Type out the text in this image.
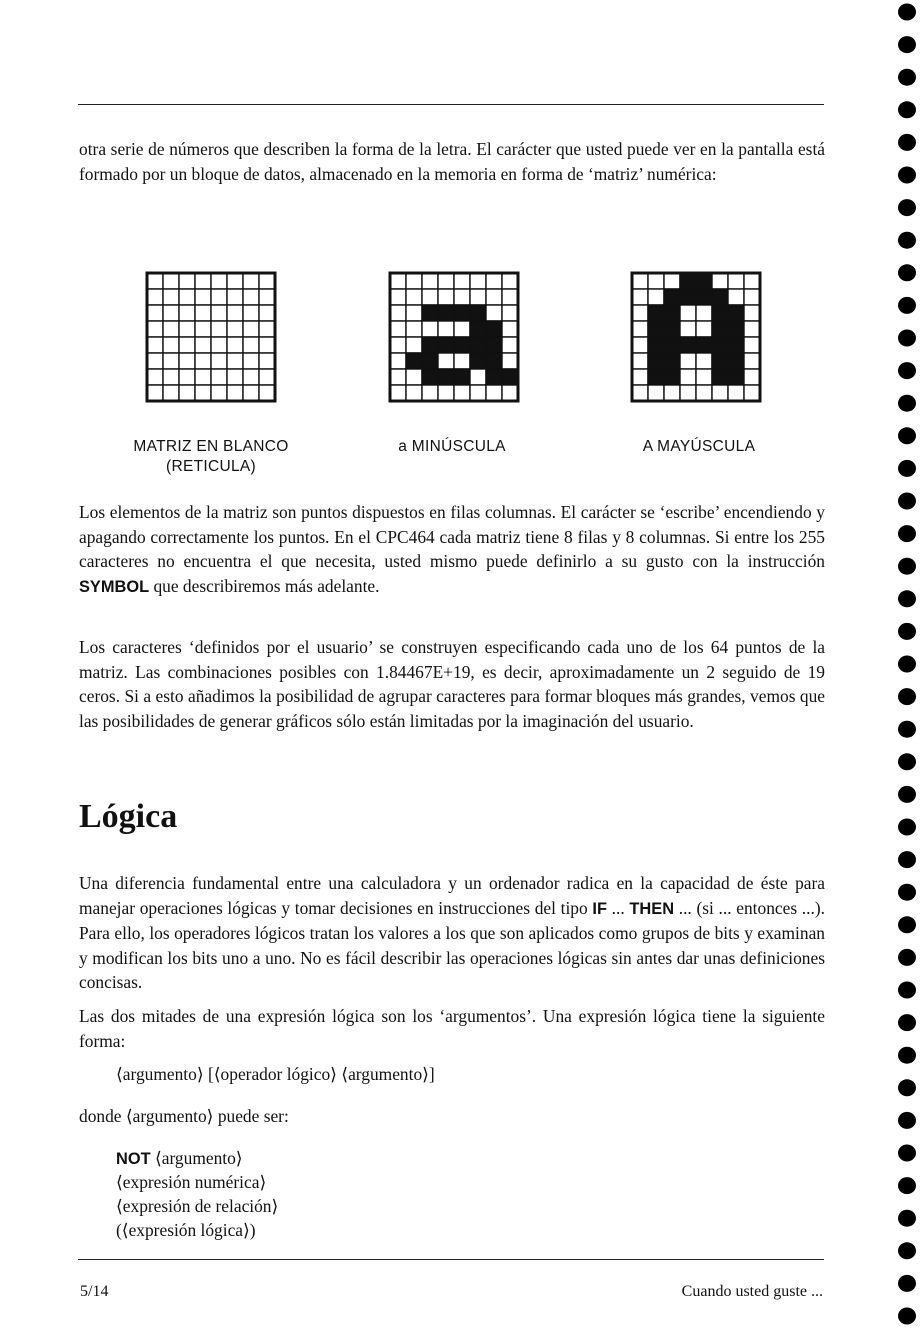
otra serie de números que describen la forma de la letra. El carácter que usted puede ver en la pantalla está formado por un bloque de datos, almacenado en la memoria en forma de ‘matriz’ numérica:

MATRIZ EN BLANCO
(RETICULA)
a MINÚSCULA	A MAYÚSCULA

Los elementos de la matriz son puntos dispuestos en filas columnas. El carácter se ‘escribe’ encendiendo y apagando correctamente los puntos. En el CPC464 cada matriz tiene 8 filas y 8 columnas. Si entre los 255 caracteres no encuentra el que necesita, usted mismo puede definirlo a su gusto con la instrucción SYMBOL que describiremos más adelante.

Los caracteres ‘definidos por el usuario’ se construyen especificando cada uno de los 64 puntos de la matriz. Las combinaciones posibles con 1.84467E+19, es decir, aproximadamente un 2 seguido de 19 ceros. Si a esto añadimos la posibilidad de agrupar caracteres para formar bloques más grandes, vemos que las posibilidades de generar gráficos sólo están limitadas por la imaginación del usuario.

Lógica

Una diferencia fundamental entre una calculadora y un ordenador radica en la capacidad de éste para manejar operaciones lógicas y tomar decisiones en instrucciones del tipo IF ... THEN ... (si ... entonces ...). Para ello, los operadores lógicos tratan los valores a los que son aplicados como grupos de bits y examinan y modifican los bits uno a uno. No es fácil describir las operaciones lógicas sin antes dar unas definiciones concisas.

Las dos mitades de una expresión lógica son los ‘argumentos’. Una expresión lógica tiene la siguiente forma:

⟨argumento⟩ [⟨operador lógico⟩ ⟨argumento⟩]
donde ⟨argumento⟩ puede ser:
NOT ⟨argumento⟩
⟨expresión numérica⟩
⟨expresión de relación⟩
(⟨expresión lógica⟩)
5/14	Cuando usted guste ...
